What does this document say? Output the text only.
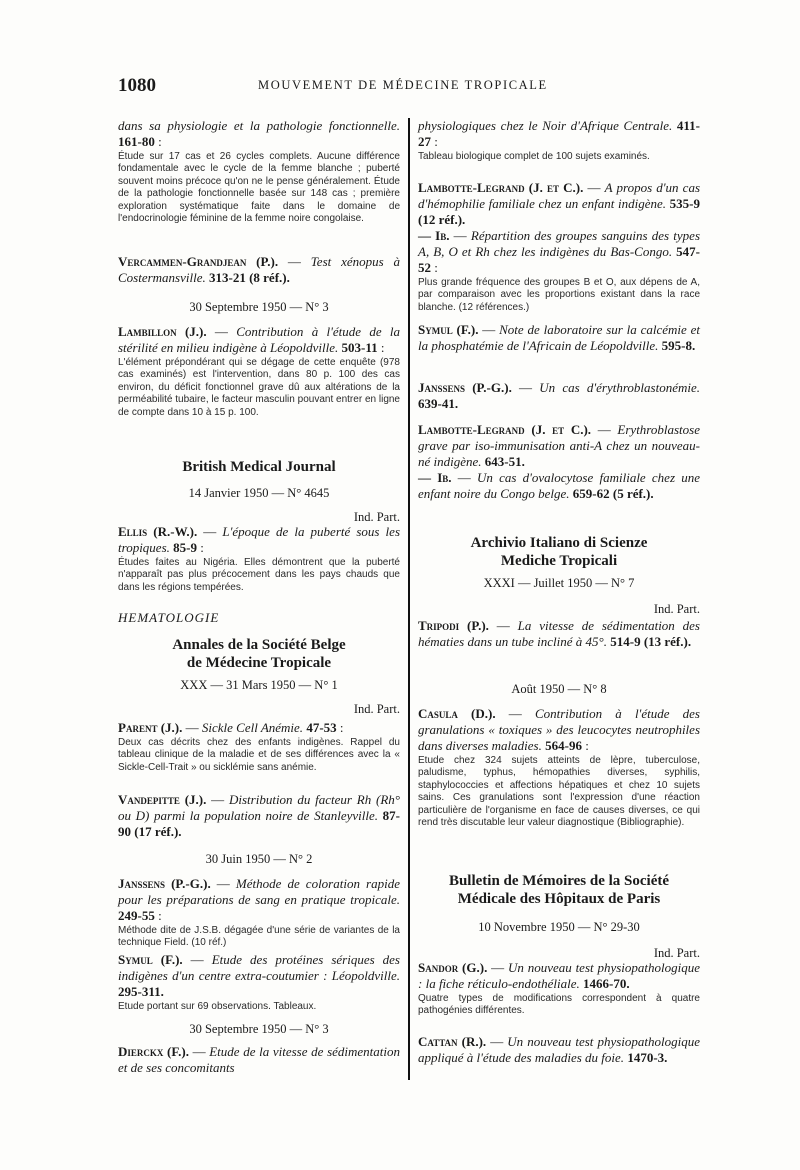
1080	MOUVEMENT DE MÉDECINE TROPICALE

dans sa physiologie et la pathologie fonctionnelle. 161-80 :

Étude sur 17 cas et 26 cycles complets. Aucune différence fondamentale avec le cycle de la femme blanche ; puberté souvent moins précoce qu'on ne le pense généralement. Étude de la pathologie fonctionnelle basée sur 148 cas ; première exploration systématique faite dans le domaine de l'endocrinologie féminine de la femme noire congolaise.

Vercammen-Grandjean (P.). — Test xénopus à Costermansville. 313-21 (8 réf.).

30 Septembre 1950 — N° 3

Lambillon (J.). — Contribution à l'étude de la stérilité en milieu indigène à Léopoldville. 503-11 :

L'élément prépondérant qui se dégage de cette enquête (978 cas examinés) est l'intervention, dans 80 p. 100 des cas environ, du déficit fonctionnel grave dû aux altérations de la perméabilité tubaire, le facteur masculin pouvant entrer en ligne de compte dans 10 à 15 p. 100.

British Medical Journal

14 Janvier 1950 — N° 4645

Ind. Part.

Ellis (R.-W.). — L'époque de la puberté sous les tropiques. 85-9 :

Études faites au Nigéria. Elles démontrent que la puberté n'apparaît pas plus précocement dans les pays chauds que dans les régions tempérées.

HEMATOLOGIE

Annales de la Société Belge

de Médecine Tropicale

XXX — 31 Mars 1950 — N° 1

Ind. Part.

Parent (J.). — Sickle Cell Anémie. 47-53 :

Deux cas décrits chez des enfants indigènes. Rappel du tableau clinique de la maladie et de ses différences avec la « Sickle-Cell-Trait » ou sicklémie sans anémie.

Vandepitte (J.). — Distribution du facteur Rh (Rh° ou D) parmi la population noire de Stanleyville. 87-90 (17 réf.).

30 Juin 1950 — N° 2

Janssens (P.-G.). — Méthode de coloration rapide pour les préparations de sang en pratique tropicale. 249-55 :

Méthode dite de J.S.B. dégagée d'une série de variantes de la technique Field. (10 réf.)

Symul (F.). — Etude des protéines sériques des indigènes d'un centre extra-coutumier : Léopoldville. 295-311.

Etude portant sur 69 observations. Tableaux.

30 Septembre 1950 — N° 3

Dierckx (F.). — Etude de la vitesse de sédimentation et de ses concomitants

physiologiques chez le Noir d'Afrique Centrale. 411-27 :

Tableau biologique complet de 100 sujets examinés.

Lambotte-Legrand (J. et C.). — A propos d'un cas d'hémophilie familiale chez un enfant indigène. 535-9 (12 réf.).

— Ib. — Répartition des groupes sanguins des types A, B, O et Rh chez les indigènes du Bas-Congo. 547-52 :

Plus grande fréquence des groupes B et O, aux dépens de A, par comparaison avec les proportions existant dans la race blanche. (12 références.)

Symul (F.). — Note de laboratoire sur la calcémie et la phosphatémie de l'Africain de Léopoldville. 595-8.

Janssens (P.-G.). — Un cas d'érythroblastonémie. 639-41.

Lambotte-Legrand (J. et C.). — Erythroblastose grave par iso-immunisation anti-A chez un nouveau-né indigène. 643-51.

— Ib. — Un cas d'ovalocytose familiale chez une enfant noire du Congo belge. 659-62 (5 réf.).

Archivio Italiano di Scienze

Mediche Tropicali

XXXI — Juillet 1950 — N° 7

Ind. Part.

Tripodi (P.). — La vitesse de sédimentation des hématies dans un tube incliné à 45°. 514-9 (13 réf.).

Août 1950 — N° 8

Casula (D.). — Contribution à l'étude des granulations « toxiques » des leucocytes neutrophiles dans diverses maladies. 564-96 :

Etude chez 324 sujets atteints de lèpre, tuberculose, paludisme, typhus, hémopathies diverses, syphilis, staphylococcies et affections hépatiques et chez 10 sujets sains. Ces granulations sont l'expression d'une réaction particulière de l'organisme en face de causes diverses, ce qui rend très discutable leur valeur diagnostique (Bibliographie).

Bulletin de Mémoires de la Société

Médicale des Hôpitaux de Paris

10 Novembre 1950 — N° 29-30

Ind. Part.

Sandor (G.). — Un nouveau test physiopathologique : la fiche réticulo-endothéliale. 1466-70.

Quatre types de modifications correspondent à quatre pathogénies différentes.

Cattan (R.). — Un nouveau test physiopathologique appliqué à l'étude des maladies du foie. 1470-3.
